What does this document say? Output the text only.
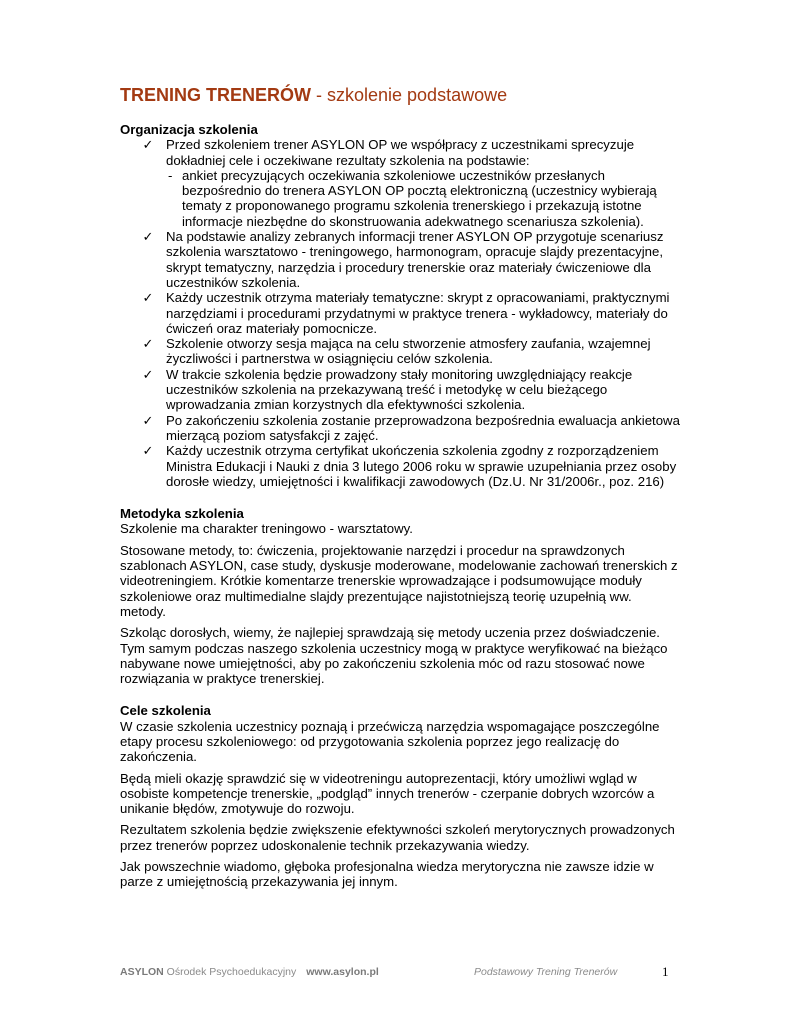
TRENING TRENERÓW - szkolenie podstawowe

Organizacja szkolenia

✓ Przed szkoleniem trener ASYLON OP we współpracy z uczestnikami sprecyzuje dokładniej cele i oczekiwane rezultaty szkolenia na podstawie:
- ankiet precyzujących oczekiwania szkoleniowe uczestników przesłanych bezpośrednio do trenera ASYLON OP pocztą elektroniczną (uczestnicy wybierają tematy z proponowanego programu szkolenia trenerskiego i przekazują istotne informacje niezbędne do skonstruowania adekwatnego scenariusza szkolenia).
✓ Na podstawie analizy zebranych informacji trener ASYLON OP przygotuje scenariusz szkolenia warsztatowo - treningowego, harmonogram, opracuje slajdy prezentacyjne, skrypt tematyczny, narzędzia i procedury trenerskie oraz materiały ćwiczeniowe dla uczestników szkolenia.
✓ Każdy uczestnik otrzyma materiały tematyczne: skrypt z opracowaniami, praktycznymi narzędziami i procedurami przydatnymi w praktyce trenera - wykładowcy, materiały do ćwiczeń oraz materiały pomocnicze.
✓ Szkolenie otworzy sesja mająca na celu stworzenie atmosfery zaufania, wzajemnej życzliwości i partnerstwa w osiągnięciu celów szkolenia.
✓ W trakcie szkolenia będzie prowadzony stały monitoring uwzględniający reakcje uczestników szkolenia na przekazywaną treść i metodykę w celu bieżącego wprowadzania zmian korzystnych dla efektywności szkolenia.
✓ Po zakończeniu szkolenia zostanie przeprowadzona bezpośrednia ewaluacja ankietowa mierzącą poziom satysfakcji z zajęć.
✓ Każdy uczestnik otrzyma certyfikat ukończenia szkolenia zgodny z rozporządzeniem Ministra Edukacji i Nauki z dnia 3 lutego 2006 roku w sprawie uzupełniania przez osoby dorosłe wiedzy, umiejętności i kwalifikacji zawodowych (Dz.U. Nr 31/2006r., poz. 216)

Metodyka szkolenia

Szkolenie ma charakter treningowo - warsztatowy.

Stosowane metody, to: ćwiczenia, projektowanie narzędzi i procedur na sprawdzonych szablonach ASYLON, case study, dyskusje moderowane, modelowanie zachowań trenerskich z videotreningiem. Krótkie komentarze trenerskie wprowadzające i podsumowujące moduły szkoleniowe oraz multimedialne slajdy prezentujące najistotniejszą teorię uzupełnią ww. metody.

Szkoląc dorosłych, wiemy, że najlepiej sprawdzają się metody uczenia przez doświadczenie. Tym samym podczas naszego szkolenia uczestnicy mogą w praktyce weryfikować na bieżąco nabywane nowe umiejętności, aby po zakończeniu szkolenia móc od razu stosować nowe rozwiązania w praktyce trenerskiej.

Cele szkolenia

W czasie szkolenia uczestnicy poznają i przećwiczą narzędzia wspomagające poszczególne etapy procesu szkoleniowego: od przygotowania szkolenia poprzez jego realizację do zakończenia.

Będą mieli okazję sprawdzić się w videotreningu autoprezentacji, który umożliwi wgląd w osobiste kompetencje trenerskie, „podgląd” innych trenerów - czerpanie dobrych wzorców a unikanie błędów, zmotywuje do rozwoju.

Rezultatem szkolenia będzie zwiększenie efektywności szkoleń merytorycznych prowadzonych przez trenerów poprzez udoskonalenie technik przekazywania wiedzy.

Jak powszechnie wiadomo, głęboka profesjonalna wiedza merytoryczna nie zawsze idzie w parze z umiejętnością przekazywania jej innym.

ASYLON Ośrodek Psychoedukacyjny www.asylon.pl	Podstawowy Trening Trenerów	1
